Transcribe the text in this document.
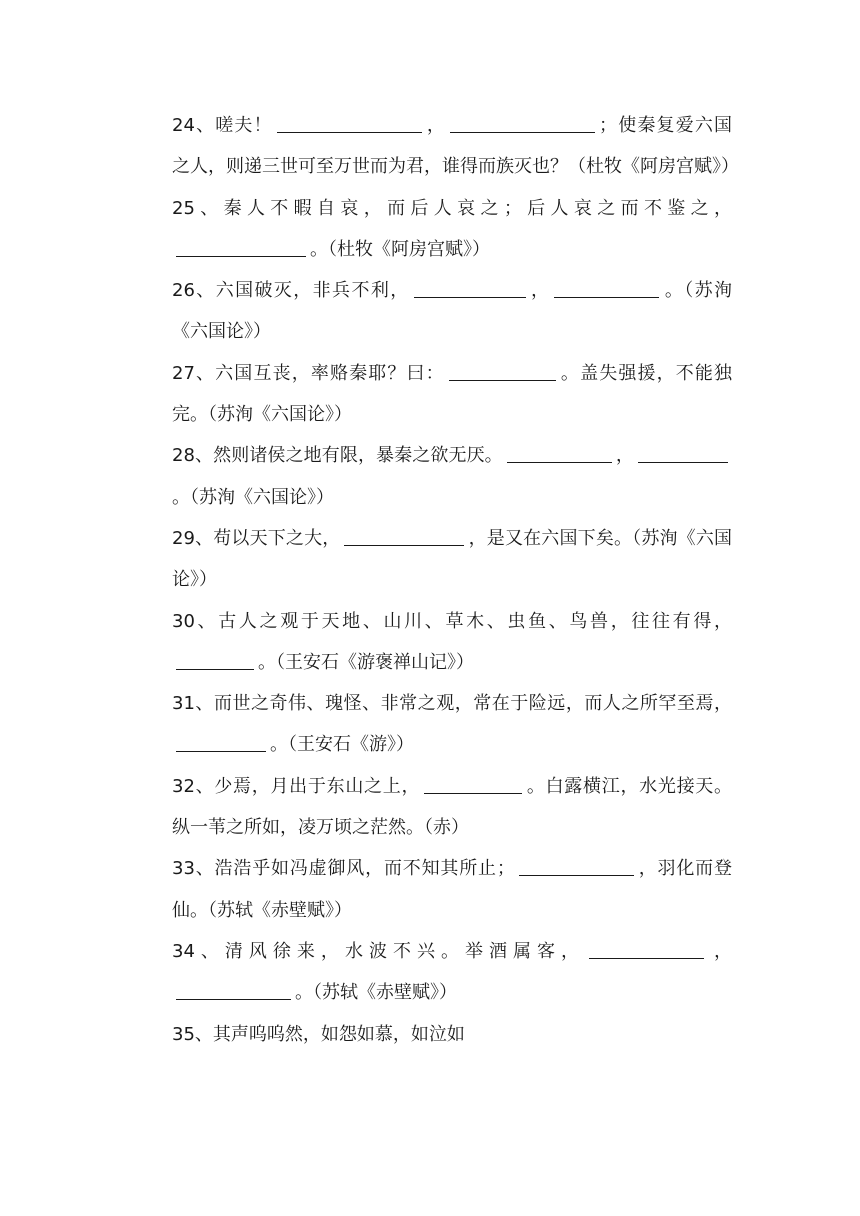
24、嗟夫！	，	；使秦复爱六国之人，则递三世可至万世而为君，谁得而族灭也？（杜牧《阿房宫赋》）

25、秦人不暇自哀，而后人哀之；后人哀之而不鉴之，。（杜牧《阿房宫赋》）

26、六国破灭，非兵不利，	，	。（苏洵《六国论》）

27、六国互丧，率赂秦耶？曰：	。盖失强援，不能独完。（苏洵《六国论》）

28、然则诸侯之地有限，暴秦之欲无厌。	，。（苏洵《六国论》）

29、苟以天下之大，	，是又在六国下矣。（苏洵《六国论》）

30、古人之观于天地、山川、草木、虫鱼、鸟兽，往往有得，。（王安石《游褒禅山记》）

31、而世之奇伟、瑰怪、非常之观，常在于险远，而人之所罕至焉，。（王安石《游》）

32、少焉，月出于东山之上，	。白露横江，水光接天。纵一苇之所如，凌万顷之茫然。（赤）

33、浩浩乎如冯虚御风，而不知其所止；	，羽化而登仙。（苏轼《赤壁赋》）

34、清风徐来，水波不兴。举酒属客，	，。（苏轼《赤壁赋》）

35、其声呜呜然，如怨如慕，如泣如
